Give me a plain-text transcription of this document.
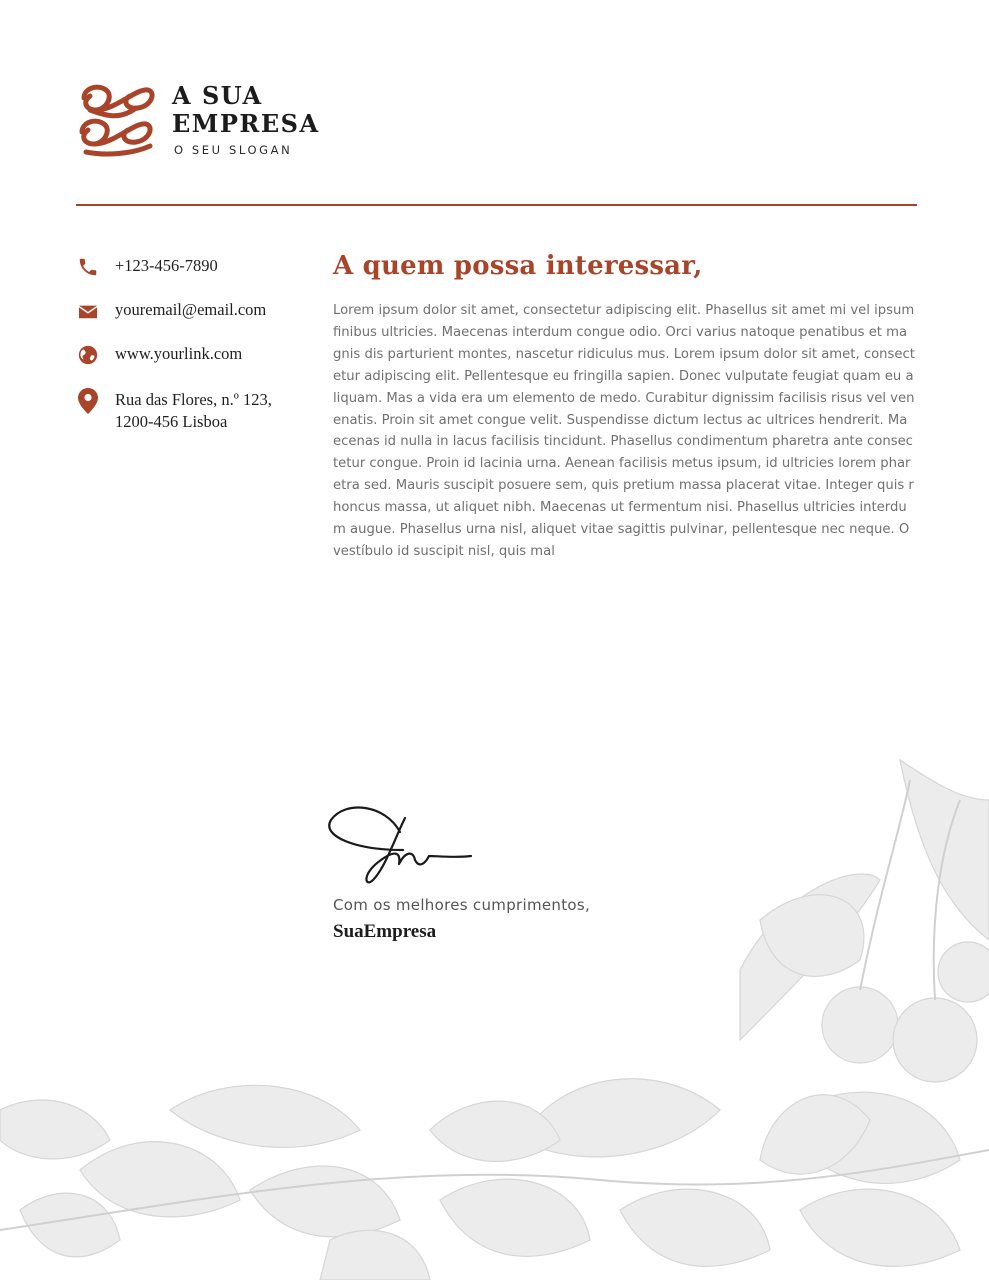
A SUA
EMPRESA
O SEU SLOGAN
+123-456-7890
youremail@email.com
www.yourlink.com
Rua das Flores, n.º 123,
1200-456 Lisboa
A quem possa interessar,
Lorem ipsum dolor sit amet, consectetur adipiscing elit. Phasellus sit amet mi vel ipsum finibus ultricies. Maecenas interdum congue odio. Orci varius natoque penatibus et magnis dis parturient montes, nascetur ridiculus mus. Lorem ipsum dolor sit amet, consectetur adipiscing elit. Pellentesque eu fringilla sapien. Donec vulputate feugiat quam eu aliquam. Mas a vida era um elemento de medo. Curabitur dignissim facilisis risus vel venenatis. Proin sit amet congue velit. Suspendisse dictum lectus ac ultrices hendrerit. Maecenas id nulla in lacus facilisis tincidunt. Phasellus condimentum pharetra ante consectetur congue. Proin id lacinia urna. Aenean facilisis metus ipsum, id ultricies lorem pharetra sed. Mauris suscipit posuere sem, quis pretium massa placerat vitae. Integer quis rhoncus massa, ut aliquet nibh. Maecenas ut fermentum nisi. Phasellus ultricies interdum augue. Phasellus urna nisl, aliquet vitae sagittis pulvinar, pellentesque nec neque. O vestíbulo id suscipit nisl, quis mal
Com os melhores cumprimentos,
SuaEmpresa
